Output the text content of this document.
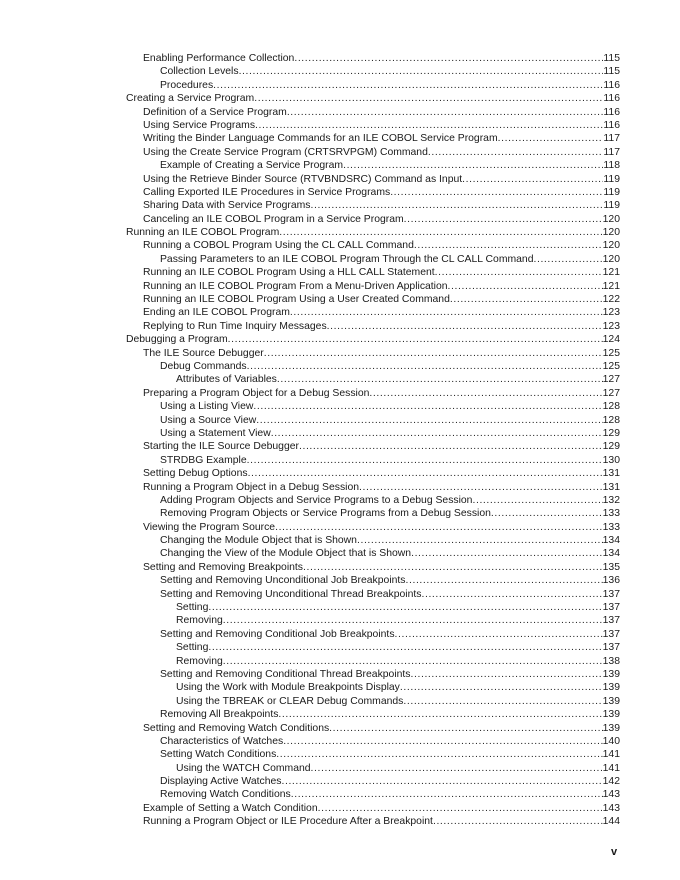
Enabling Performance Collection .....	115
Collection Levels .....	115
Procedures .....	116
Creating a Service Program .....	116
Definition of a Service Program .....	116
Using Service Programs .....	116
Writing the Binder Language Commands for an ILE COBOL Service Program .....	117
Using the Create Service Program (CRTSRVPGM) Command .....	117
Example of Creating a Service Program .....	118
Using the Retrieve Binder Source (RTVBNDSRC) Command as Input .....	119
Calling Exported ILE Procedures in Service Programs .....	119
Sharing Data with Service Programs .....	119
Canceling an ILE COBOL Program in a Service Program .....	120
Running an ILE COBOL Program .....	120
Running a COBOL Program Using the CL CALL Command .....	120
Passing Parameters to an ILE COBOL Program Through the CL CALL Command .....	120
Running an ILE COBOL Program Using a HLL CALL Statement .....	121
Running an ILE COBOL Program From a Menu-Driven Application .....	121
Running an ILE COBOL Program Using a User Created Command .....	122
Ending an ILE COBOL Program .....	123
Replying to Run Time Inquiry Messages .....	123
Debugging a Program .....	124
The ILE Source Debugger .....	125
Debug Commands .....	125
Attributes of Variables .....	127
Preparing a Program Object for a Debug Session .....	127
Using a Listing View .....	128
Using a Source View .....	128
Using a Statement View .....	129
Starting the ILE Source Debugger .....	129
STRDBG Example .....	130
Setting Debug Options .....	131
Running a Program Object in a Debug Session .....	131
Adding Program Objects and Service Programs to a Debug Session .....	132
Removing Program Objects or Service Programs from a Debug Session .....	133
Viewing the Program Source .....	133
Changing the Module Object that is Shown .....	134
Changing the View of the Module Object that is Shown .....	134
Setting and Removing Breakpoints .....	135
Setting and Removing Unconditional Job Breakpoints .....	136
Setting and Removing Unconditional Thread Breakpoints .....	137
Setting .....	137
Removing .....	137
Setting and Removing Conditional Job Breakpoints .....	137
Setting .....	137
Removing .....	138
Setting and Removing Conditional Thread Breakpoints .....	139
Using the Work with Module Breakpoints Display .....	139
Using the TBREAK or CLEAR Debug Commands .....	139
Removing All Breakpoints .....	139
Setting and Removing Watch Conditions .....	139
Characteristics of Watches .....	140
Setting Watch Conditions .....	141
Using the WATCH Command .....	141
Displaying Active Watches .....	142
Removing Watch Conditions .....	143
Example of Setting a Watch Condition .....	143
Running a Program Object or ILE Procedure After a Breakpoint .....	144
v
